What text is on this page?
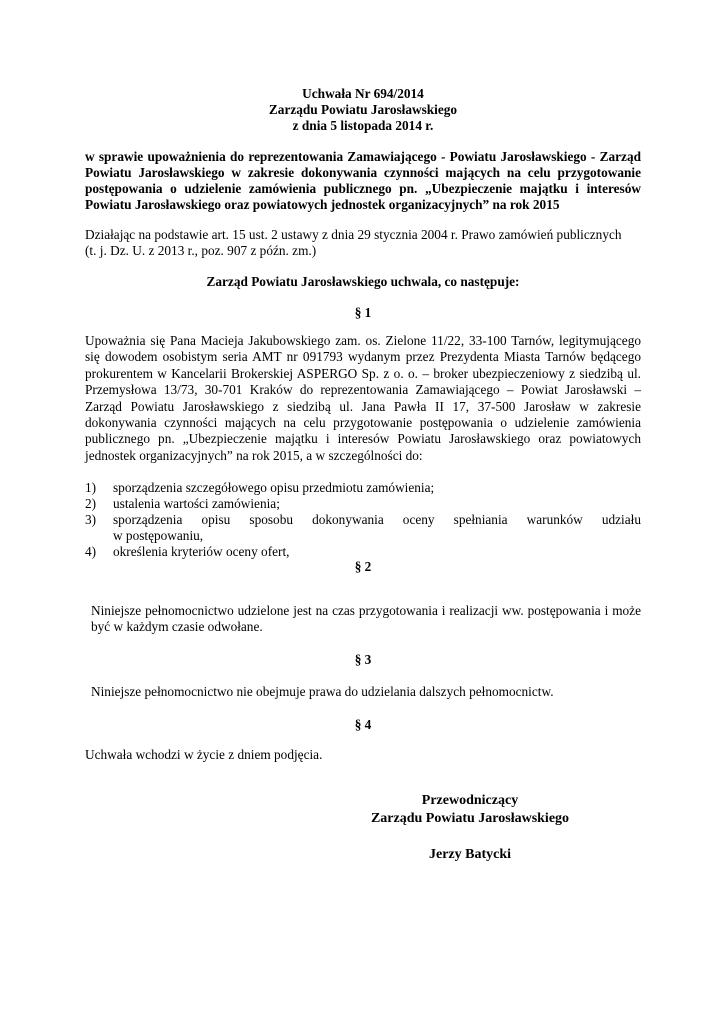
Uchwała Nr 694/2014
Zarządu Powiatu Jarosławskiego
z dnia 5 listopada 2014 r.
w sprawie upoważnienia do reprezentowania Zamawiającego - Powiatu Jarosławskiego - Zarząd Powiatu Jarosławskiego w zakresie dokonywania czynności mających na celu przygotowanie postępowania o udzielenie zamówienia publicznego pn. „Ubezpieczenie majątku i interesów Powiatu Jarosławskiego oraz powiatowych jednostek organizacyjnych” na rok 2015
Działając na podstawie art. 15 ust. 2 ustawy z dnia 29 stycznia 2004 r. Prawo zamówień publicznych
(t. j. Dz. U. z 2013 r., poz. 907 z późn. zm.)
Zarząd Powiatu Jarosławskiego uchwala, co następuje:
§ 1
Upoważnia się Pana Macieja Jakubowskiego zam. os. Zielone 11/22, 33-100 Tarnów, legitymującego się dowodem osobistym seria AMT nr 091793 wydanym przez Prezydenta Miasta Tarnów będącego prokurentem w Kancelarii Brokerskiej ASPERGO Sp. z o. o. – broker ubezpieczeniowy z siedzibą ul. Przemysłowa 13/73, 30-701 Kraków do reprezentowania Zamawiającego – Powiat Jarosławski – Zarząd Powiatu Jarosławskiego z siedzibą ul. Jana Pawła II 17, 37-500 Jarosław w zakresie dokonywania czynności mających na celu przygotowanie postępowania o udzielenie zamówienia publicznego pn. „Ubezpieczenie majątku i interesów Powiatu Jarosławskiego oraz powiatowych jednostek organizacyjnych” na rok 2015, a w szczególności do:
1) sporządzenia szczegółowego opisu przedmiotu zamówienia;
2) ustalenia wartości zamówienia;
3) sporządzenia opisu sposobu dokonywania oceny spełniania warunków udziału
w postępowaniu,
4) określenia kryteriów oceny ofert,
§ 2
Niniejsze pełnomocnictwo udzielone jest na czas przygotowania i realizacji ww. postępowania i może być w każdym czasie odwołane.
§ 3
Niniejsze pełnomocnictwo nie obejmuje prawa do udzielania dalszych pełnomocnictw.
§ 4
Uchwała wchodzi w życie z dniem podjęcia.
Przewodniczący
Zarządu Powiatu Jarosławskiego
Jerzy Batycki
